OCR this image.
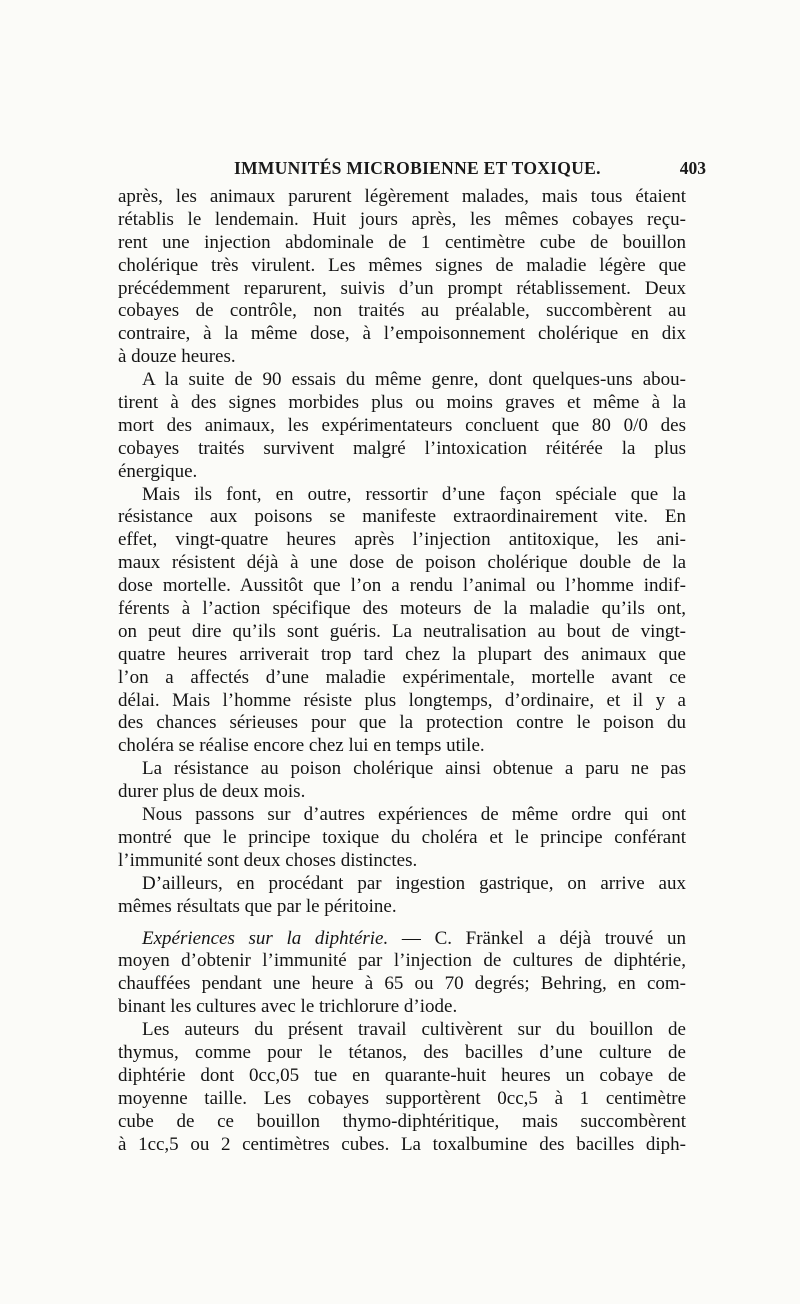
IMMUNITÉS MICROBIENNE ET TOXIQUE.	403
après, les animaux parurent légèrement malades, mais tous étaient
rétablis le lendemain. Huit jours après, les mêmes cobayes reçu-
rent une injection abdominale de 1 centimètre cube de bouillon
cholérique très virulent. Les mêmes signes de maladie légère que
précédemment reparurent, suivis d’un prompt rétablissement. Deux
cobayes de contrôle, non traités au préalable, succombèrent au
contraire, à la même dose, à l’empoisonnement cholérique en dix
à douze heures.
A la suite de 90 essais du même genre, dont quelques-uns abou-
tirent à des signes morbides plus ou moins graves et même à la
mort des animaux, les expérimentateurs concluent que 80 0/0 des
cobayes traités survivent malgré l’intoxication réitérée la plus
énergique.
Mais ils font, en outre, ressortir d’une façon spéciale que la
résistance aux poisons se manifeste extraordinairement vite. En
effet, vingt-quatre heures après l’injection antitoxique, les ani-
maux résistent déjà à une dose de poison cholérique double de la
dose mortelle. Aussitôt que l’on a rendu l’animal ou l’homme indif-
férents à l’action spécifique des moteurs de la maladie qu’ils ont,
on peut dire qu’ils sont guéris. La neutralisation au bout de vingt-
quatre heures arriverait trop tard chez la plupart des animaux que
l’on a affectés d’une maladie expérimentale, mortelle avant ce
délai. Mais l’homme résiste plus longtemps, d’ordinaire, et il y a
des chances sérieuses pour que la protection contre le poison du
choléra se réalise encore chez lui en temps utile.
La résistance au poison cholérique ainsi obtenue a paru ne pas
durer plus de deux mois.
Nous passons sur d’autres expériences de même ordre qui ont
montré que le principe toxique du choléra et le principe conférant
l’immunité sont deux choses distinctes.
D’ailleurs, en procédant par ingestion gastrique, on arrive aux
mêmes résultats que par le péritoine.
Expériences sur la diphtérie. — C. Fränkel a déjà trouvé un
moyen d’obtenir l’immunité par l’injection de cultures de diphtérie,
chauffées pendant une heure à 65 ou 70 degrés; Behring, en com-
binant les cultures avec le trichlorure d’iode.
Les auteurs du présent travail cultivèrent sur du bouillon de
thymus, comme pour le tétanos, des bacilles d’une culture de
diphtérie dont 0cc,05 tue en quarante-huit heures un cobaye de
moyenne taille. Les cobayes supportèrent 0cc,5 à 1 centimètre
cube de ce bouillon thymo-diphtéritique, mais succombèrent
à 1cc,5 ou 2 centimètres cubes. La toxalbumine des bacilles diph-
